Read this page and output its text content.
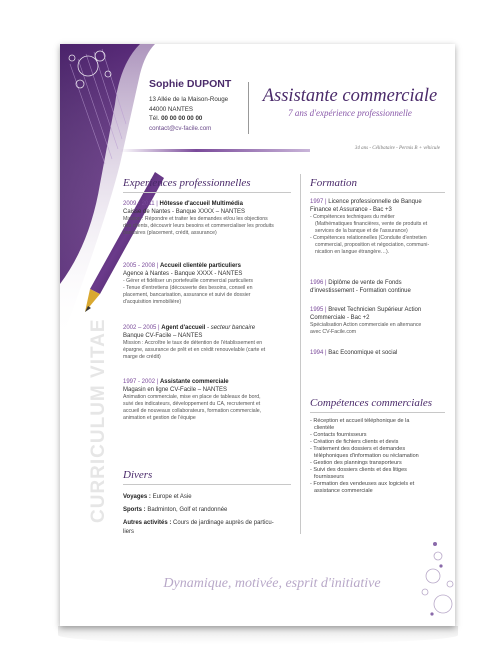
CURRICULUM VITAE
Sophie DUPONT
13 Allée de la Maison-Rouge
44000 NANTES
Tél. 00 00 00 00 00
contact@cv-facile.com
Assistante commerciale
7 ans d'expérience professionnelle
34 ans - Célibataire - Permis B + véhicule
Experiences professionnelles
2009 - 2011 | Hôtesse d'accueil Multimédia
Caisse de Nantes - Banque XXXX – NANTES
Mission : Répondre et traiter les demandes et/ou les objections
des clients, découvrir leurs besoins et commercialiser les produits
bancaires (placement, crédit, assurance)
2005 - 2008 | Accueil clientèle particuliers
Agence à Nantes - Banque XXXX - NANTES
- Gérer et fidéliser un portefeuille commercial particuliers
- Tenue d'entretiens (découverte des besoins, conseil en
placement, bancarisation, assurance et suivi de dossier
d'acquisition immobilière)
2002 – 2005 | Agent d'accueil - secteur bancaire
Banque CV-Facile – NANTES
Mission : Accroître le taux de détention de l'établissement en
épargne, assurance de prêt et en crédit renouvelable (carte et
marge de crédit)
1997 - 2002 | Assistante commerciale
Magasin en ligne CV-Facile – NANTES
Animation commerciale, mise en place de tableaux de bord,
suivi des indicateurs, développement du CA, recrutement et
accueil de nouveaux collaborateurs, formation commerciale,
animation et gestion de l'équipe
Divers
Voyages : Europe et Asie
Sports : Badminton, Golf et randonnée
Autres activités : Cours de jardinage auprès de particu-
liers
Formation
1997 | Licence professionnelle de Banque
Finance et Assurance - Bac +3
- Compétences techniques du métier
(Mathématiques financières, vente de produits et
services de la banque et de l'assurance)
- Compétences relationnelles (Conduite d'entretien
commercial, proposition et négociation, communi-
nication en langue étrangère…).
1996 | Diplôme de vente de Fonds
d'investissement - Formation continue
1995 | Brevet Technicien Supérieur Action
Commerciale - Bac +2
Spécialisation Action commerciale en alternance
avec CV-Facile.com
1994 | Bac Economique et social
Compétences commerciales
- Réception et accueil téléphonique de la
clientèle
- Contacts fournisseurs
- Création de fichiers clients et devis
- Traitement des dossiers et demandes
téléphoniques d'information ou réclamation
- Gestion des plannings transporteurs
- Suivi des dossiers clients et des litiges
fournisseurs
- Formation des vendeuses aux logiciels et
assistance commerciale
Dynamique, motivée, esprit d'initiative
